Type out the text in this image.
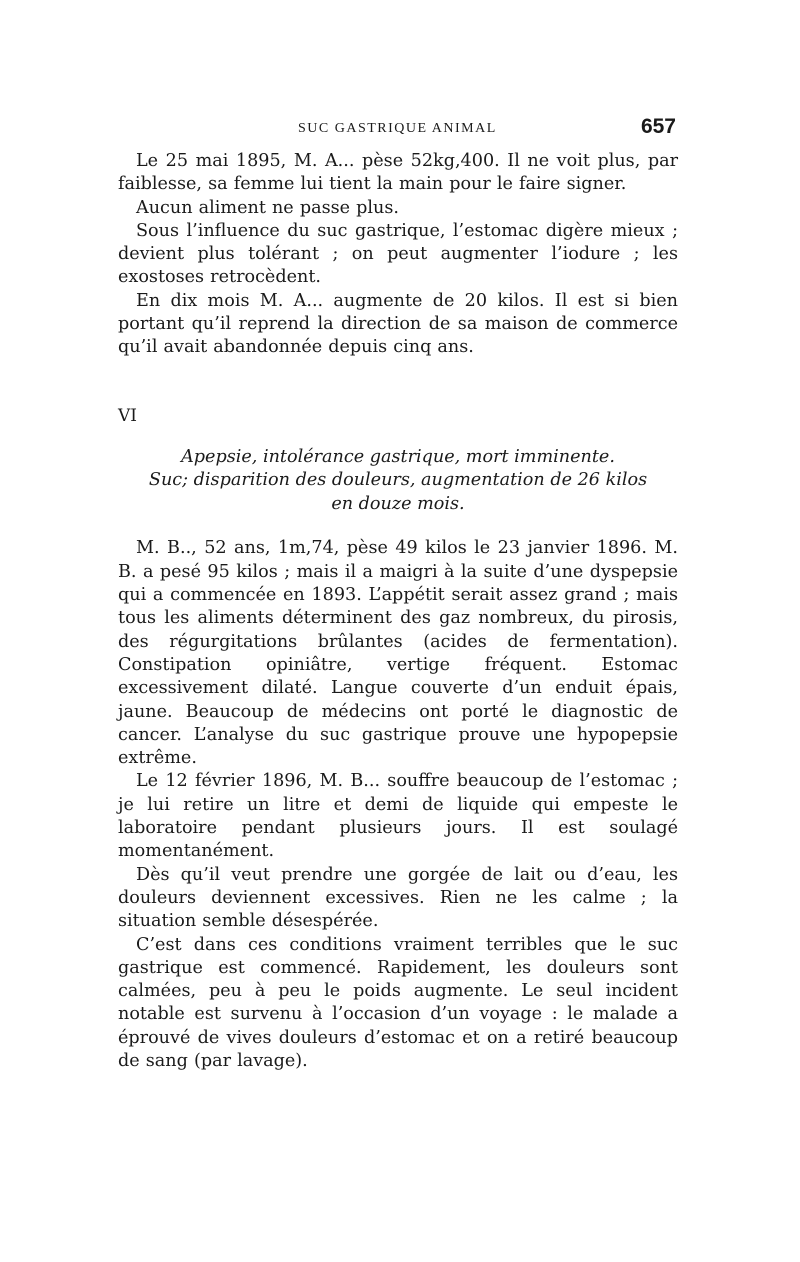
SUC GASTRIQUE ANIMAL	657

Le 25 mai 1895, M. A... pèse 52kg,400. Il ne voit plus, par faiblesse, sa femme lui tient la main pour le faire signer.

Aucun aliment ne passe plus.

Sous l’influence du suc gastrique, l’estomac digère mieux ; devient plus tolérant ; on peut augmenter l’iodure ; les exostoses retrocèdent.

En dix mois M. A... augmente de 20 kilos. Il est si bien portant qu’il reprend la direction de sa maison de commerce qu’il avait abandonnée depuis cinq ans.

VI

Apepsie, intolérance gastrique, mort imminente.
Suc; disparition des douleurs, augmentation de 26 kilos
en douze mois.

M. B.., 52 ans, 1m,74, pèse 49 kilos le 23 janvier 1896. M. B. a pesé 95 kilos ; mais il a maigri à la suite d’une dyspepsie qui a commencée en 1893. L’appétit serait assez grand ; mais tous les aliments déterminent des gaz nombreux, du pirosis, des régurgitations brûlantes (acides de fermentation). Constipation opiniâtre, vertige fréquent. Estomac excessivement dilaté. Langue couverte d’un enduit épais, jaune. Beaucoup de médecins ont porté le diagnostic de cancer. L’analyse du suc gastrique prouve une hypopepsie extrême.

Le 12 février 1896, M. B... souffre beaucoup de l’estomac ; je lui retire un litre et demi de liquide qui empeste le laboratoire pendant plusieurs jours. Il est soulagé momentanément.

Dès qu’il veut prendre une gorgée de lait ou d’eau, les douleurs deviennent excessives. Rien ne les calme ; la situation semble désespérée.

C’est dans ces conditions vraiment terribles que le suc gastrique est commencé. Rapidement, les douleurs sont calmées, peu à peu le poids augmente. Le seul incident notable est survenu à l’occasion d’un voyage : le malade a éprouvé de vives douleurs d’estomac et on a retiré beaucoup de sang (par lavage).
